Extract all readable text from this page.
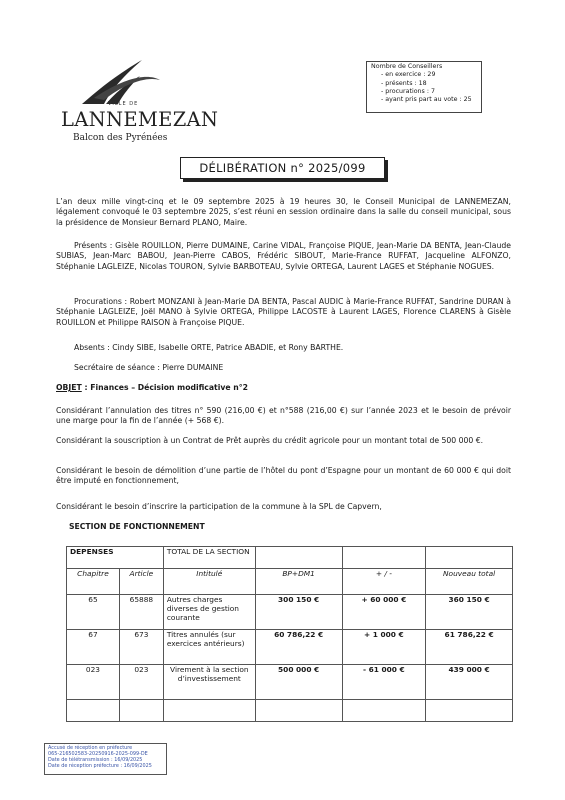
VILLE DE
LANNEMEZAN
Balcon des Pyrénées
Nombre de Conseillers
- en exercice : 29
- présents : 18
- procurations : 7
- ayant pris part au vote : 25
DÉLIBÉRATION n° 2025/099
L’an deux mille vingt-cinq et le 09 septembre 2025 à 19 heures 30, le Conseil Municipal de LANNEMEZAN, légalement convoqué le 03 septembre 2025, s’est réuni en session ordinaire dans la salle du conseil municipal, sous la présidence de Monsieur Bernard PLANO, Maire.
Présents : Gisèle ROUILLON, Pierre DUMAINE, Carine VIDAL, Françoise PIQUE, Jean-Marie DA BENTA, Jean-Claude SUBIAS, Jean-Marc BABOU, Jean-Pierre CABOS, Frédéric SIBOUT, Marie-France RUFFAT, Jacqueline ALFONZO, Stéphanie LAGLEIZE, Nicolas TOURON, Sylvie BARBOTEAU, Sylvie ORTEGA, Laurent LAGES et Stéphanie NOGUES.
Procurations : Robert MONZANI à Jean-Marie DA BENTA, Pascal AUDIC à Marie-France RUFFAT, Sandrine DURAN à Stéphanie LAGLEIZE, Joël MANO à Sylvie ORTEGA, Philippe LACOSTE à Laurent LAGES, Florence CLARENS à Gisèle ROUILLON et Philippe RAISON à Françoise PIQUE.
Absents : Cindy SIBE, Isabelle ORTE, Patrice ABADIE, et Rony BARTHE.
Secrétaire de séance : Pierre DUMAINE
OBJET : Finances – Décision modificative n°2
Considérant l’annulation des titres n° 590 (216,00 €) et n°588 (216,00 €) sur l’année 2023 et le besoin de prévoir une marge pour la fin de l’année (+ 568 €).
Considérant la souscription à un Contrat de Prêt auprès du crédit agricole pour un montant total de 500 000 €.
Considérant le besoin de démolition d’une partie de l’hôtel du pont d’Espagne pour un montant de 60 000 € qui doit être imputé en fonctionnement,
Considérant le besoin d’inscrire la participation de la commune à la SPL de Capvern,
SECTION DE FONCTIONNEMENT
DEPENSES		TOTAL DE LA SECTION			
Chapitre	Article	Intitulé	BP+DM1	+ / -	Nouveau total
65	65888	Autres charges diverses de gestion courante	300 150 €	+ 60 000 €	360 150 €
67	673	Titres annulés (sur exercices antérieurs)	60 786,22 €	+ 1 000 €	61 786,22 €
023	023	Virement à la section d’investissement	500 000 €	- 61 000 €	439 000 €

Accusé de réception en préfecture
065-216502583-20250916-2025-099-DE
Date de télétransmission : 16/09/2025
Date de réception préfecture : 16/09/2025
